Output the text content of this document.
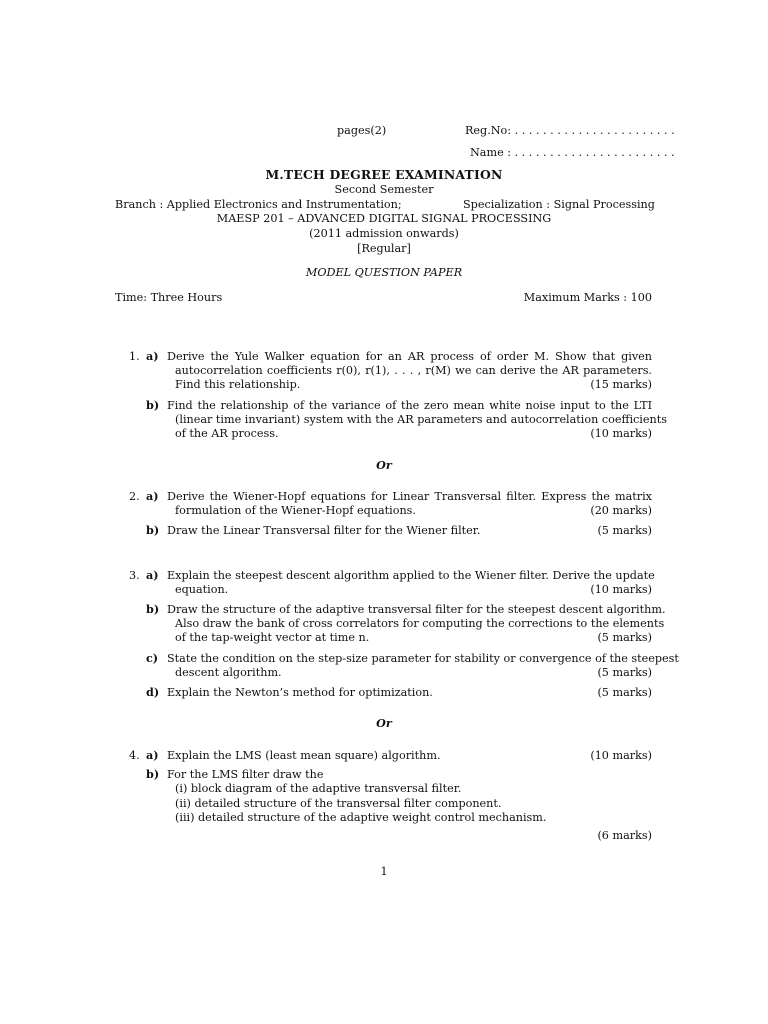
pages(2)	Reg.No: . . . . . . . . . . . . . . . . . . . . . . .
Name : . . . . . . . . . . . . . . . . . . . . . . .
M.TECH DEGREE EXAMINATION
Second Semester
Branch : Applied Electronics and Instrumentation;	Specialization : Signal Processing
MAESP 201 – ADVANCED DIGITAL SIGNAL PROCESSING
(2011 admission onwards)
[Regular]
MODEL QUESTION PAPER
Time: Three Hours	Maximum Marks : 100
1. a) Derive the Yule Walker equation for an AR process of order M. Show that given
autocorrelation coefficients r(0), r(1), . . . , r(M) we can derive the AR parameters.
Find this relationship.	(15 marks)
b) Find the relationship of the variance of the zero mean white noise input to the LTI
(linear time invariant) system with the AR parameters and autocorrelation coefficients
of the AR process.	(10 marks)
Or
2. a) Derive the Wiener-Hopf equations for Linear Transversal filter. Express the matrix
formulation of the Wiener-Hopf equations.	(20 marks)
b) Draw the Linear Transversal filter for the Wiener filter.	(5 marks)
3. a) Explain the steepest descent algorithm applied to the Wiener filter. Derive the update
equation.	(10 marks)
b) Draw the structure of the adaptive transversal filter for the steepest descent algorithm.
Also draw the bank of cross correlators for computing the corrections to the elements
of the tap-weight vector at time n.	(5 marks)
c) State the condition on the step-size parameter for stability or convergence of the steepest
descent algorithm.	(5 marks)
d) Explain the Newton’s method for optimization.	(5 marks)
Or
4. a) Explain the LMS (least mean square) algorithm.	(10 marks)
b) For the LMS filter draw the
(i) block diagram of the adaptive transversal filter.
(ii) detailed structure of the transversal filter component.
(iii) detailed structure of the adaptive weight control mechanism.
(6 marks)
1
